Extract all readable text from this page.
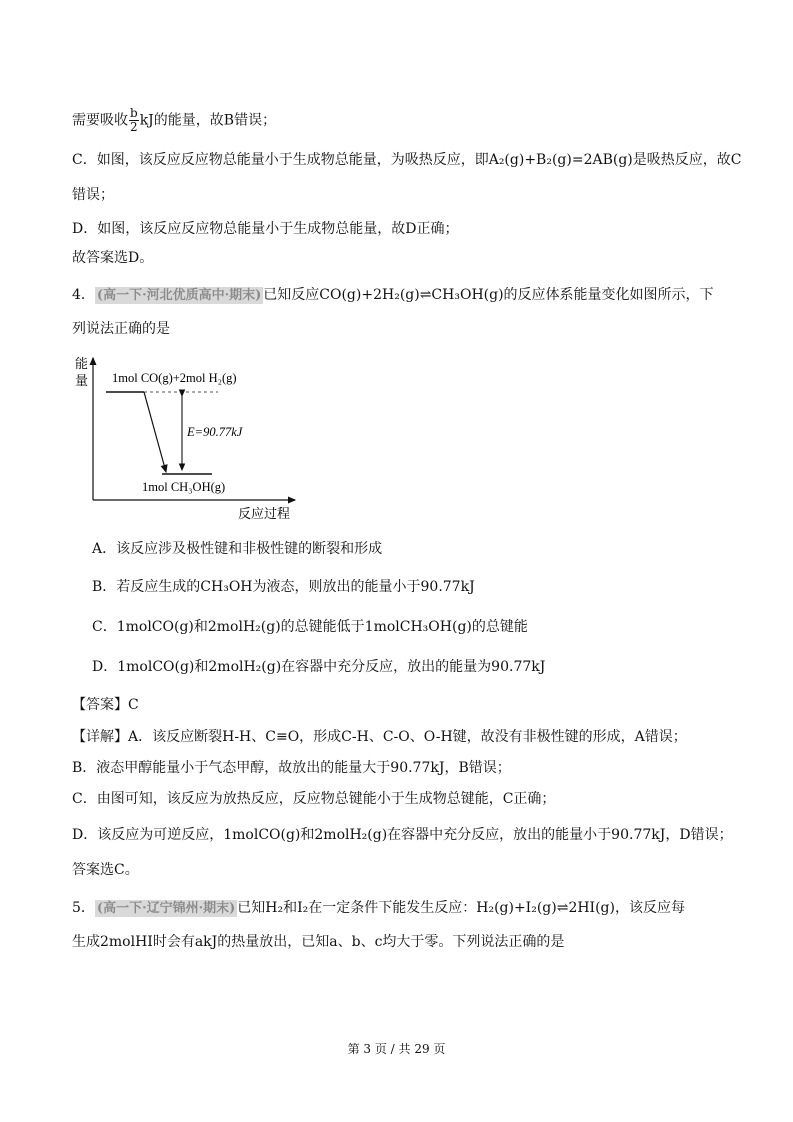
需要吸收 $\frac{b}{2}$ kJ的能量，故B错误；
C．如图，该反应反应物总能量小于生成物总能量，为吸热反应，即A₂(g)+B₂(g)=2AB(g)是吸热反应，故C
错误；
D．如图，该反应反应物总能量小于生成物总能量，故D正确；
故答案选D。
4． (高一下·河北优质高中·期末) 已知反应CO(g)+2H₂(g)⇌CH₃OH(g)的反应体系能量变化如图所示，下
列说法正确的是
能
量
反应过程
1mol CO(g)+2mol H₂(g)
1mol CH₃OH(g)
E=90.77kJ
A．该反应涉及极性键和非极性键的断裂和形成
B．若反应生成的CH₃OH为液态，则放出的能量小于90.77kJ
C．1molCO(g)和2molH₂(g)的总键能低于1molCH₃OH(g)的总键能
D．1molCO(g)和2molH₂(g)在容器中充分反应，放出的能量为90.77kJ
【答案】C
【详解】A．该反应断裂H-H、C≡O，形成C-H、C-O、O-H键，故没有非极性键的形成，A错误；
B．液态甲醇能量小于气态甲醇，故放出的能量大于90.77kJ，B错误；
C．由图可知，该反应为放热反应，反应物总键能小于生成物总键能，C正确；
D．该反应为可逆反应，1molCO(g)和2molH₂(g)在容器中充分反应，放出的能量小于90.77kJ，D错误；
答案选C。
5． (高一下·辽宁锦州·期末) 已知H₂和I₂在一定条件下能发生反应：H₂(g)+I₂(g)⇌2HI(g)，该反应每
生成2molHI时会有akJ的热量放出，已知a、b、c均大于零。下列说法正确的是
第 3 页 / 共 29 页
